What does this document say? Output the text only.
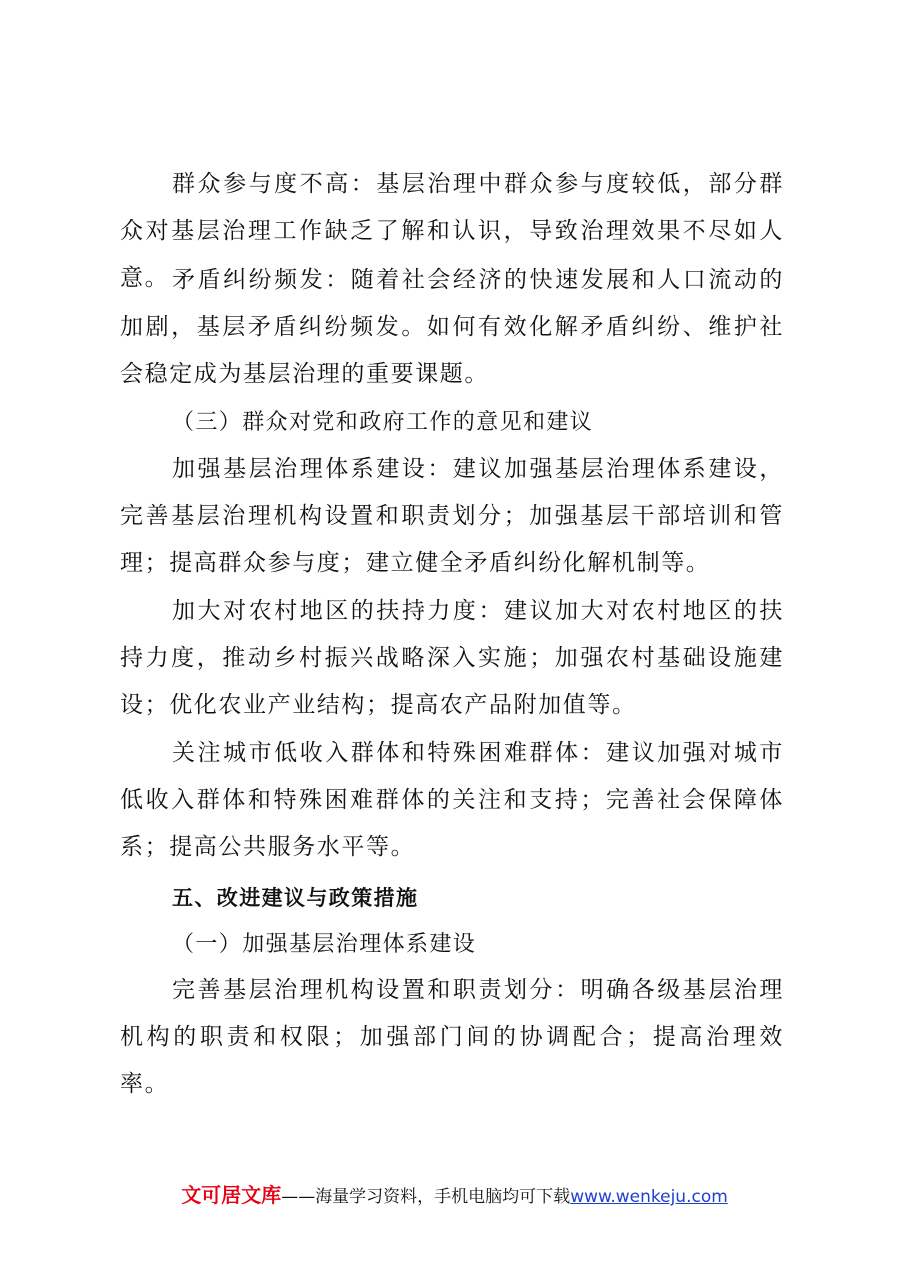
群众参与度不高：基层治理中群众参与度较低，部分群众对基层治理工作缺乏了解和认识，导致治理效果不尽如人意。 矛盾纠纷频发：随着社会经济的快速发展和人口流动的加剧，基层矛盾纠纷频发。如何有效化解矛盾纠纷、维护社会稳定成为基层治理的重要课题。

（三）群众对党和政府工作的意见和建议

加强基层治理体系建设：建议加强基层治理体系建设，完善基层治理机构设置和职责划分；加强基层干部培训和管理；提高群众参与度；建立健全矛盾纠纷化解机制等。

加大对农村地区的扶持力度：建议加大对农村地区的扶持力度，推动乡村振兴战略深入实施；加强农村基础设施建设；优化农业产业结构；提高农产品附加值等。

关注城市低收入群体和特殊困难群体：建议加强对城市低收入群体和特殊困难群体的关注和支持；完善社会保障体系；提高公共服务水平等。

五、改进建议与政策措施

（一）加强基层治理体系建设

完善基层治理机构设置和职责划分：明确各级基层治理机构的职责和权限；加强部门间的协调配合；提高治理效率。

文可居文库——海量学习资料，手机电脑均可下载www.wenkeju.com
